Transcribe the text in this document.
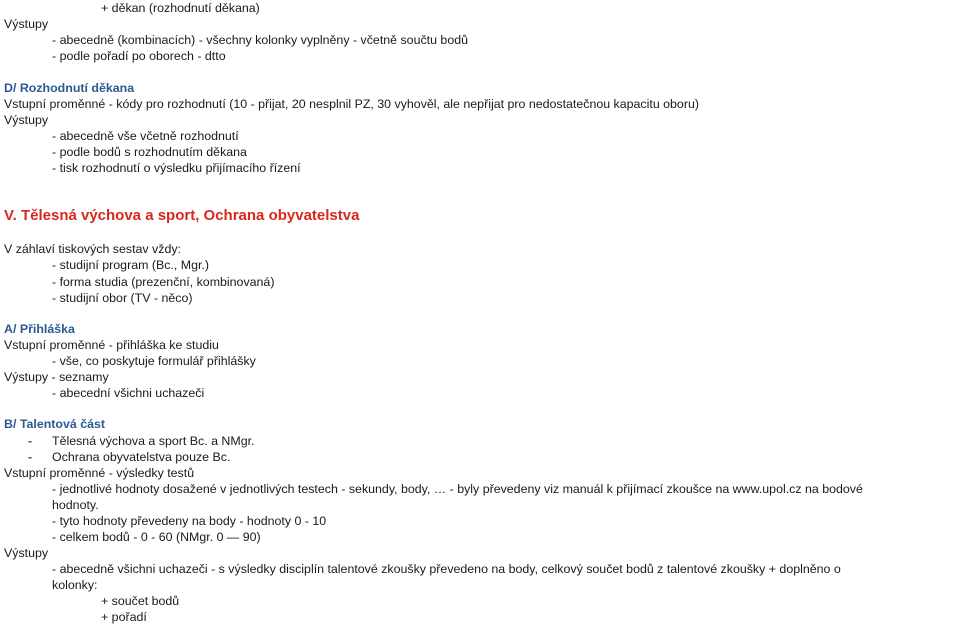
+ děkan (rozhodnutí děkana)
Výstupy
- abecedně (kombinacích) - všechny kolonky vyplněny - včetně součtu bodů
- podle pořadí po oborech - dtto
D/ Rozhodnutí děkana
Vstupní proměnné - kódy pro rozhodnutí (10 - přijat, 20 nesplnil PZ, 30 vyhověl, ale nepřijat pro nedostatečnou kapacitu oboru)
Výstupy
- abecedně vše včetně rozhodnutí
- podle bodů s rozhodnutím děkana
- tisk rozhodnutí o výsledku přijímacího řízení
V. Tělesná výchova a sport, Ochrana obyvatelstva
V záhlaví tiskových sestav vždy:
- studijní program (Bc., Mgr.)
- forma studia (prezenční, kombinovaná)
- studijní obor (TV - něco)
A/ Přihláška
Vstupní proměnné - přihláška ke studiu
- vše, co poskytuje formulář přihlášky
Výstupy - seznamy
- abecední všichni uchazeči
B/ Talentová část
- Tělesná výchova a sport Bc. a NMgr.
- Ochrana obyvatelstva pouze Bc.
Vstupní proměnné - výsledky testů
- jednotlivé hodnoty dosažené v jednotlivých testech - sekundy, body, … - byly převedeny viz manuál k přijímací zkoušce na www.upol.cz na bodové
hodnoty.
- tyto hodnoty převedeny na body - hodnoty 0 - 10
- celkem bodů - 0 - 60 (NMgr. 0 — 90)
Výstupy
- abecedně všichni uchazeči - s výsledky disciplín talentové zkoušky převedeno na body, celkový součet bodů z talentové zkoušky + doplněno o
kolonky:
+ součet bodů
+ pořadí
